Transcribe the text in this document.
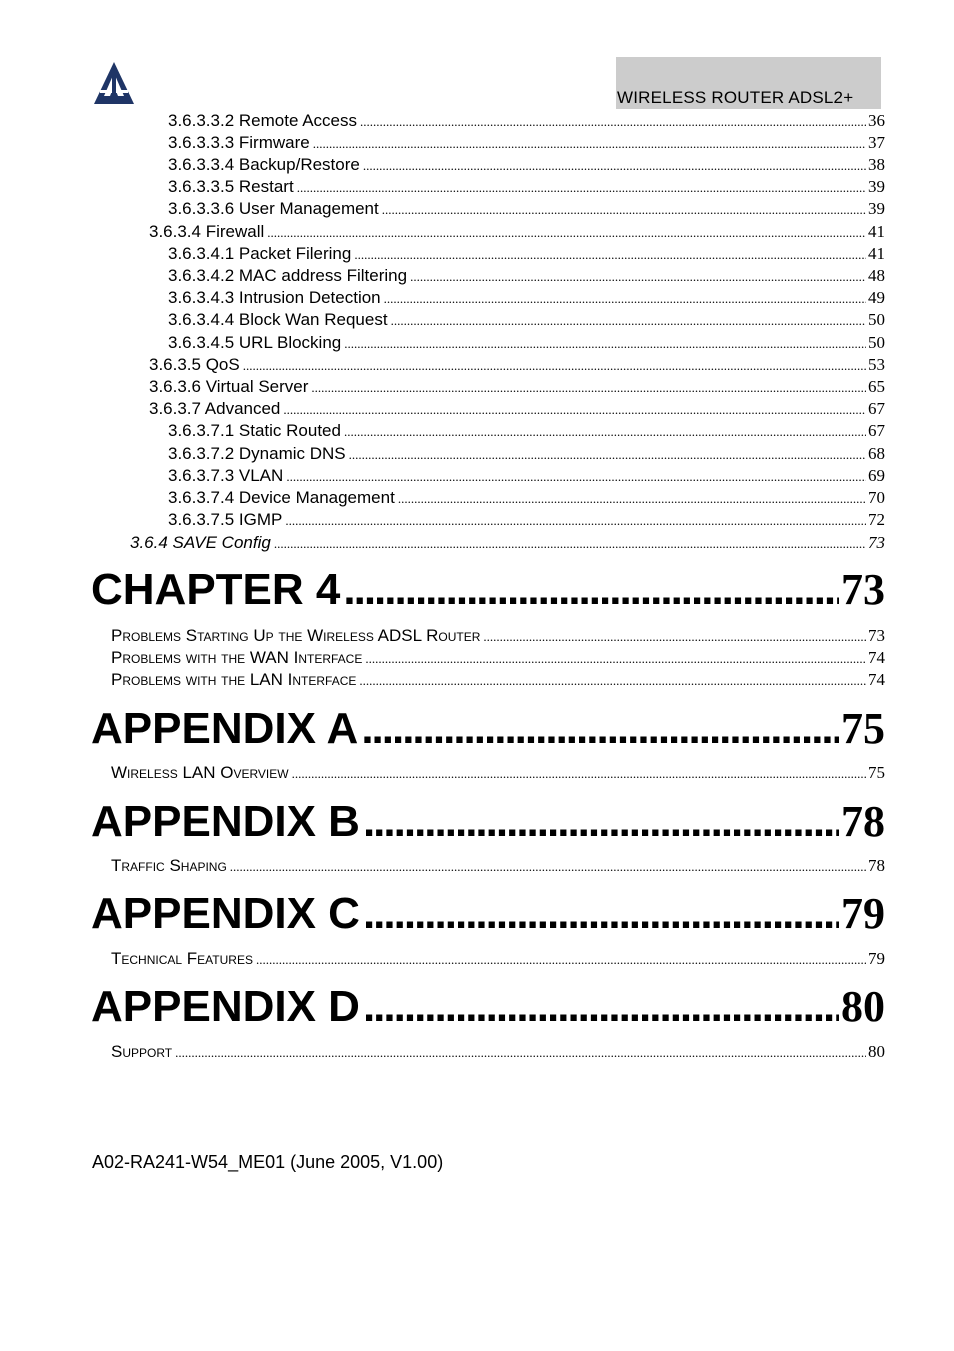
WIRELESS ROUTER ADSL2+
3.6.3.3.2 Remote Access .....	36
3.6.3.3.3 Firmware .....	37
3.6.3.3.4 Backup/Restore .....	38
3.6.3.3.5 Restart .....	39
3.6.3.3.6 User Management .....	39
3.6.3.4 Firewall .....	41
3.6.3.4.1 Packet Filering .....	41
3.6.3.4.2 MAC address Filtering .....	48
3.6.3.4.3 Intrusion Detection .....	49
3.6.3.4.4 Block Wan Request .....	50
3.6.3.4.5 URL Blocking .....	50
3.6.3.5 QoS .....	53
3.6.3.6 Virtual Server .....	65
3.6.3.7 Advanced .....	67
3.6.3.7.1 Static Routed .....	67
3.6.3.7.2 Dynamic DNS .....	68
3.6.3.7.3 VLAN .....	69
3.6.3.7.4 Device Management .....	70
3.6.3.7.5 IGMP .....	72
3.6.4 SAVE Config .....	73
CHAPTER 4 .....	73
Problems Starting Up the Wireless ADSL Router .....	73
Problems with the WAN Interface .....	74
Problems with the LAN Interface .....	74
APPENDIX A .....	75
Wireless LAN Overview .....	75
APPENDIX B .....	78
Traffic Shaping .....	78
APPENDIX C .....	79
Technical Features .....	79
APPENDIX D .....	80
Support .....	80
A02-RA241-W54_ME01 (June 2005, V1.00)
